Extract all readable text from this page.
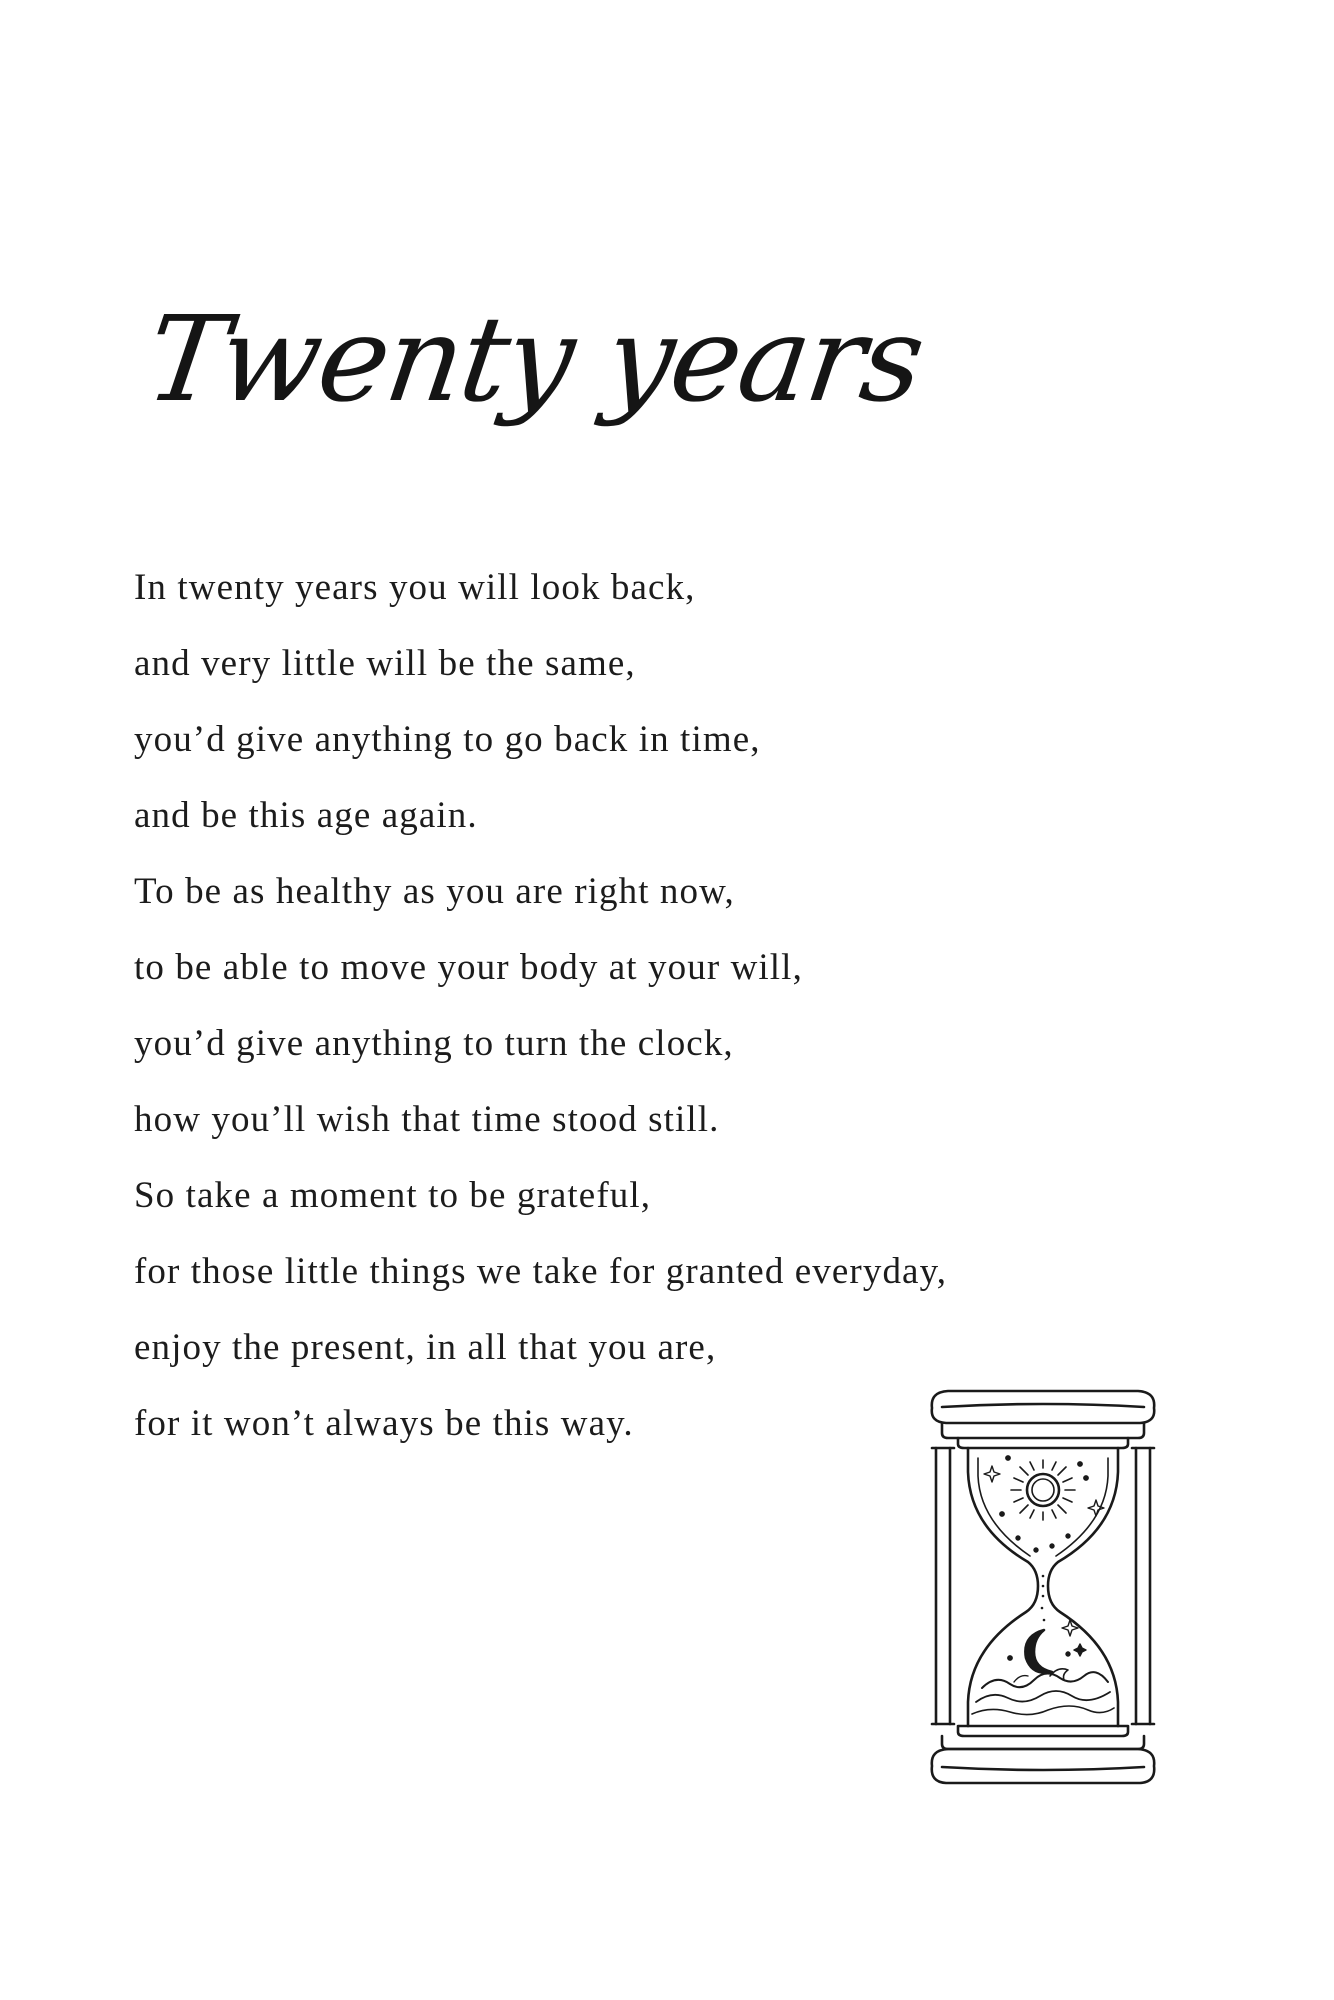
Twenty years
In twenty years you will look back,
and very little will be the same,
you’d give anything to go back in time,
and be this age again.
To be as healthy as you are right now,
to be able to move your body at your will,
you’d give anything to turn the clock,
how you’ll wish that time stood still.
So take a moment to be grateful,
for those little things we take for granted everyday,
enjoy the present, in all that you are,
for it won’t always be this way.
